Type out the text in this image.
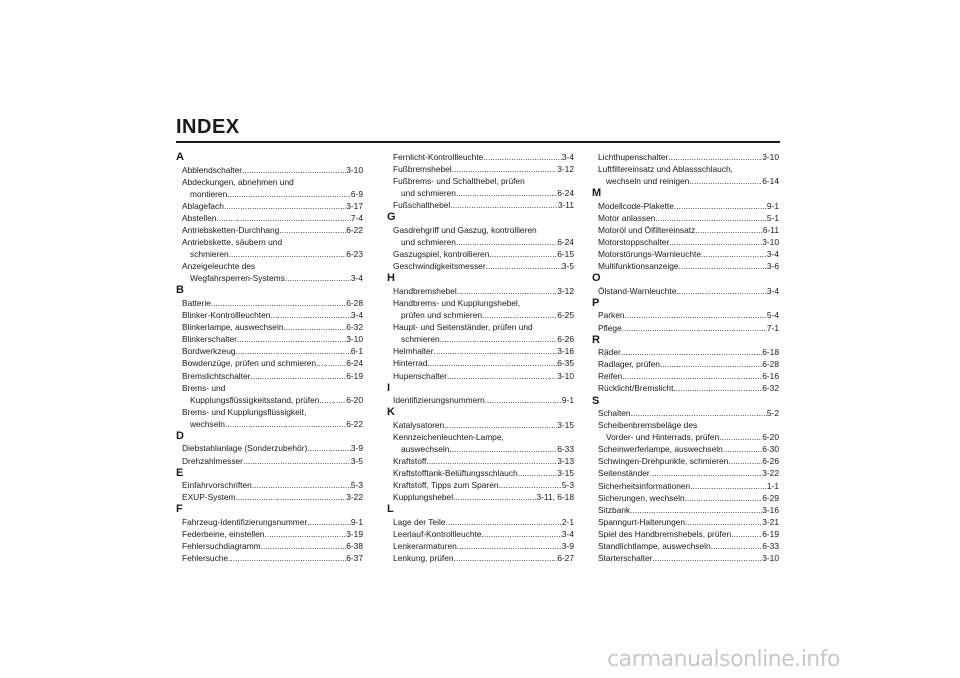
INDEX
A
Abblendschalter .....	3-10
Abdeckungen, abnehmen und
montieren .....	6-9
Ablagefach .....	3-17
Abstellen .....	7-4
Antriebsketten-Durchhang .....	6-22
Antriebskette, säubern und
schmieren .....	6-23
Anzeigeleuchte des
Wegfahrsperren-Systems .....	3-4
B
Batterie .....	6-28
Blinker-Kontrollleuchten .....	3-4
Blinkerlampe, auswechseln .....	6-32
Blinkerschalter .....	3-10
Bordwerkzeug .....	6-1
Bowdenzüge, prüfen und schmieren .....	6-24
Bremslichtschalter .....	6-19
Brems- und
Kupplungsflüssigkeitsstand, prüfen .....	6-20
Brems- und Kupplungsflüssigkeit,
wechseln .....	6-22
D
Diebstahlanlage (Sonderzubehör) .....	3-9
Drehzahlmesser .....	3-5
E
Einfahrvorschriften .....	5-3
EXUP-System .....	3-22
F
Fahrzeug-Identifizierungsnummer .....	9-1
Federbeine, einstellen .....	3-19
Fehlersuchdiagramm .....	6-38
Fehlersuche .....	6-37
Fernlicht-Kontrollleuchte .....	3-4
Fußbremshebel .....	3-12
Fußbrems- und Schalthebel, prüfen
und schmieren .....	6-24
Fußschalthebel .....	3-11
G
Gasdrehgriff und Gaszug, kontrollieren
und schmieren .....	6-24
Gaszugspiel, kontrollieren .....	6-15
Geschwindigkeitsmesser .....	3-5
H
Handbremshebel .....	3-12
Handbrems- und Kupplungshebel,
prüfen und schmieren .....	6-25
Haupt- und Seitenständer, prüfen und
schmieren .....	6-26
Helmhalter .....	3-16
Hinterrad .....	6-35
Hupenschalter .....	3-10
I
Identifizierungsnummern .....	9-1
K
Katalysatoren .....	3-15
Kennzeichenleuchten-Lampe,
auswechseln .....	6-33
Kraftstoff .....	3-13
Kraftstofftank-Belüftungsschlauch .....	3-15
Kraftstoff, Tipps zum Sparen .....	5-3
Kupplungshebel .....	3-11, 6-18
L
Lage der Teile .....	2-1
Leerlauf-Kontrollleuchte .....	3-4
Lenkerarmaturen .....	3-9
Lenkung, prüfen .....	6-27
Lichthupenschalter .....	3-10
Luftfiltereinsatz und Ablassschlauch,
wechseln und reinigen .....	6-14
M
Modellcode-Plakette .....	9-1
Motor anlassen .....	5-1
Motoröl und Ölfiltereinsatz .....	6-11
Motorstoppschalter .....	3-10
Motorstörungs-Warnleuchte .....	3-4
Multifunktionsanzeige .....	3-6
O
Ölstand-Warnleuchte .....	3-4
P
Parken .....	5-4
Pflege .....	7-1
R
Räder .....	6-18
Radlager, prüfen .....	6-28
Reifen .....	6-16
Rücklicht/Bremslicht .....	6-32
S
Schalten .....	5-2
Scheibenbremsbeläge des
Vorder- und Hinterrads, prüfen .....	6-20
Scheinwerferlampe, auswechseln .....	6-30
Schwingen-Drehpunkte, schmieren .....	6-26
Seitenständer .....	3-22
Sicherheitsinformationen .....	1-1
Sicherungen, wechseln .....	6-29
Sitzbank .....	3-16
Spanngurt-Halterungen .....	3-21
Spiel des Handbremshebels, prüfen .....	6-19
Standlichtlampe, auswechseln .....	6-33
Starterschalter .....	3-10
carmanualsonline.info
